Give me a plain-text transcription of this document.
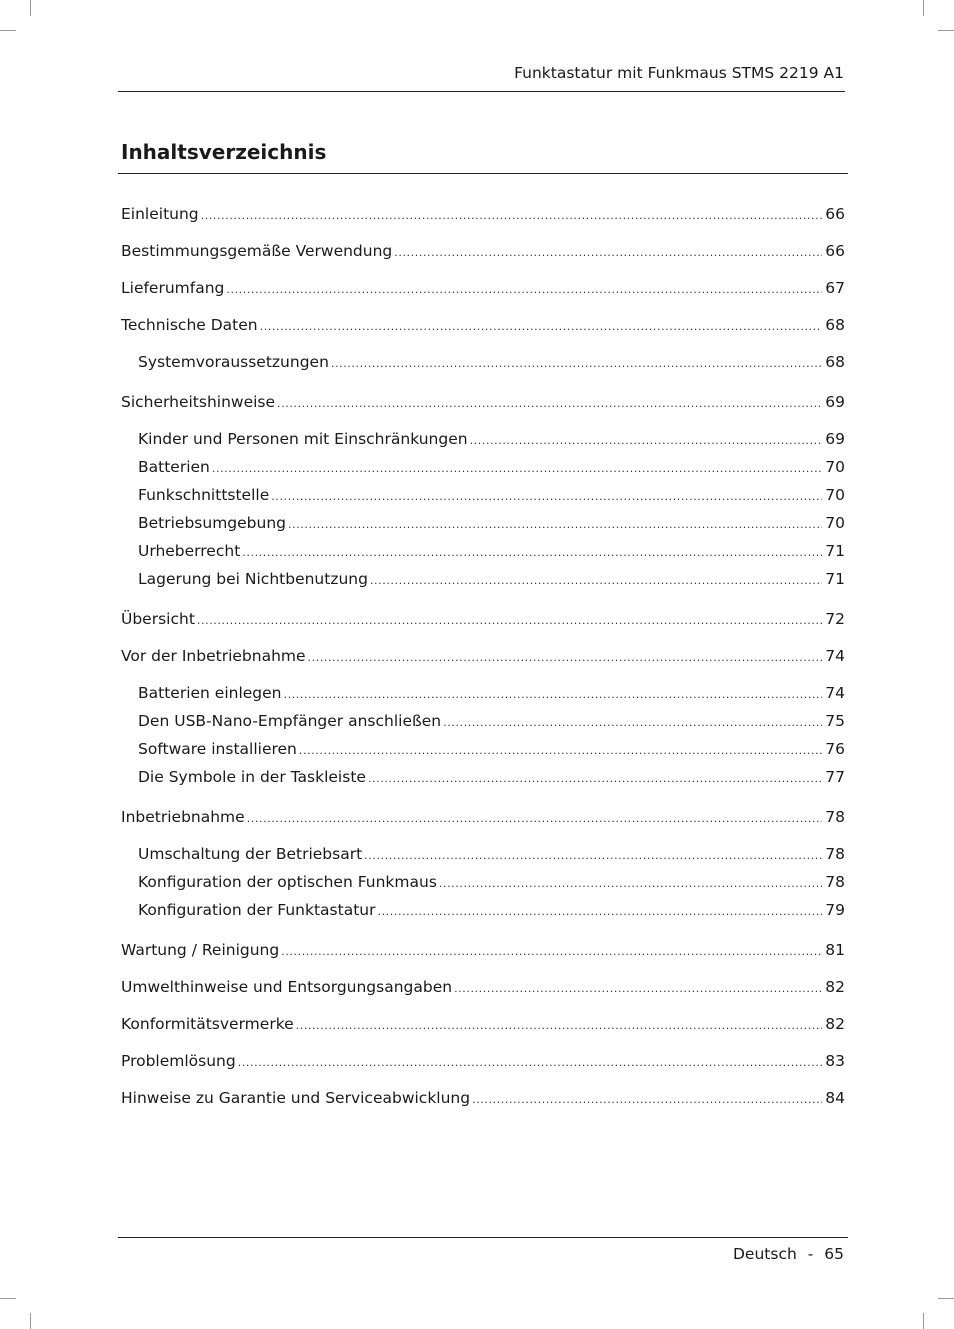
Funktastatur mit Funkmaus STMS 2219 A1
Inhaltsverzeichnis
Einleitung .....	66
Bestimmungsgemäße Verwendung .....	66
Lieferumfang .....	67
Technische Daten .....	68
Systemvoraussetzungen .....	68
Sicherheitshinweise .....	69
Kinder und Personen mit Einschränkungen .....	69
Batterien .....	70
Funkschnittstelle .....	70
Betriebsumgebung .....	70
Urheberrecht .....	71
Lagerung bei Nichtbenutzung .....	71
Übersicht .....	72
Vor der Inbetriebnahme .....	74
Batterien einlegen .....	74
Den USB-Nano-Empfänger anschließen .....	75
Software installieren .....	76
Die Symbole in der Taskleiste .....	77
Inbetriebnahme .....	78
Umschaltung der Betriebsart .....	78
Konfiguration der optischen Funkmaus .....	78
Konfiguration der Funktastatur .....	79
Wartung / Reinigung .....	81
Umwelthinweise und Entsorgungsangaben .....	82
Konformitätsvermerke .....	82
Problemlösung .....	83
Hinweise zu Garantie und Serviceabwicklung .....	84
Deutsch - 65
